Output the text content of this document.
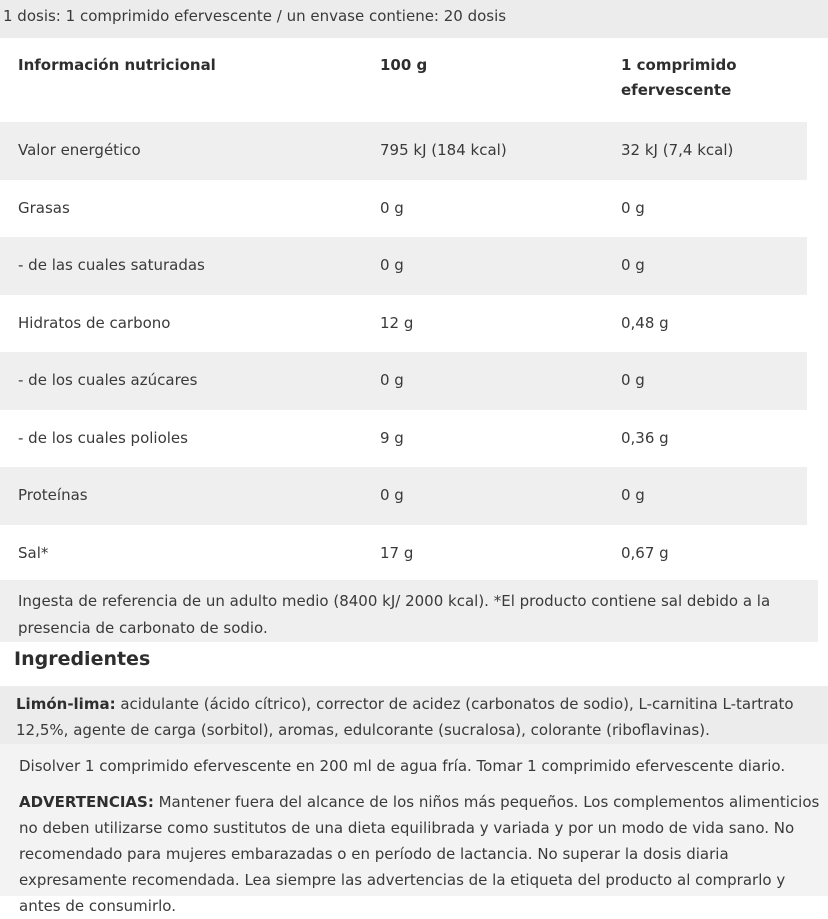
1 dosis: 1 comprimido efervescente / un envase contiene: 20 dosis
Información nutricional	100 g	1 comprimido efervescente
Valor energético	795 kJ (184 kcal)	32 kJ (7,4 kcal)
Grasas	0 g	0 g
- de las cuales saturadas	0 g	0 g
Hidratos de carbono	12 g	0,48 g
- de los cuales azúcares	0 g	0 g
- de los cuales polioles	9 g	0,36 g
Proteínas	0 g	0 g
Sal*	17 g	0,67 g
Ingesta de referencia de un adulto medio (8400 kJ/ 2000 kcal). *El producto contiene sal debido a la presencia de carbonato de sodio.
Ingredientes
Limón-lima: acidulante (ácido cítrico), corrector de acidez (carbonatos de sodio), L-carnitina L-tartrato 12,5%, agente de carga (sorbitol), aromas, edulcorante (sucralosa), colorante (riboflavinas).
Disolver 1 comprimido efervescente en 200 ml de agua fría. Tomar 1 comprimido efervescente diario.
ADVERTENCIAS: Mantener fuera del alcance de los niños más pequeños. Los complementos alimenticios no deben utilizarse como sustitutos de una dieta equilibrada y variada y por un modo de vida sano. No recomendado para mujeres embarazadas o en período de lactancia. No superar la dosis diaria expresamente recomendada. Lea siempre las advertencias de la etiqueta del producto al comprarlo y antes de consumirlo.
